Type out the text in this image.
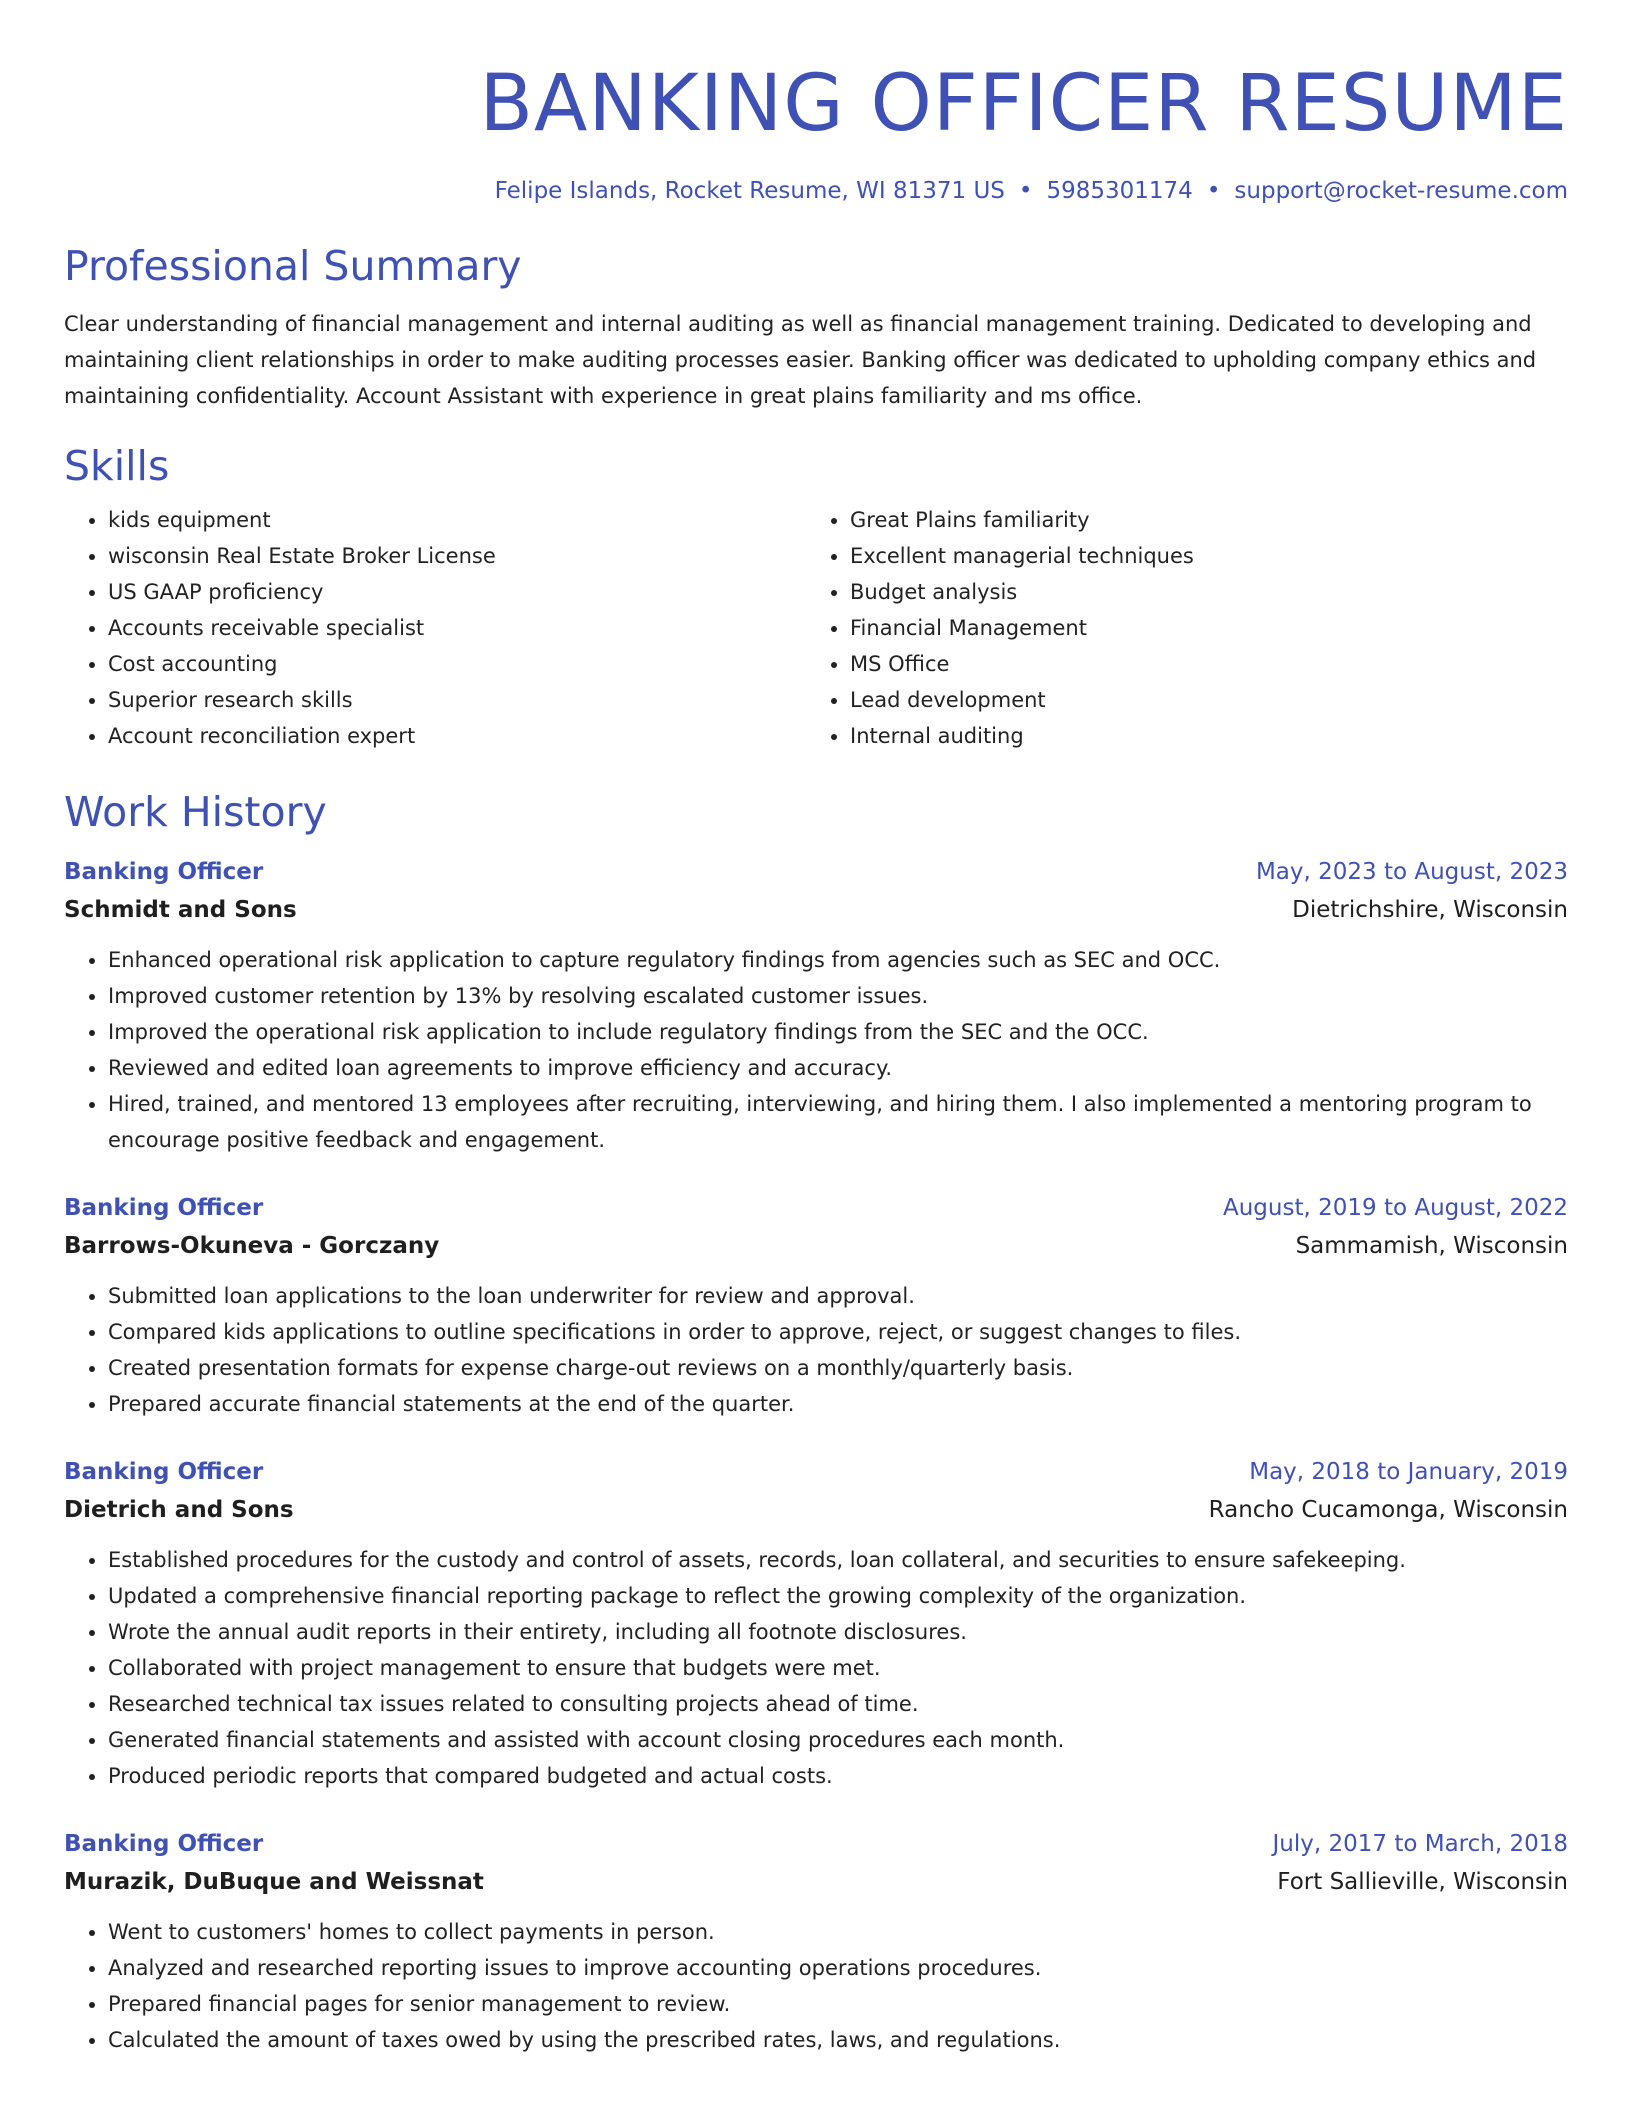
BANKING OFFICER RESUME
Felipe Islands, Rocket Resume, WI 81371 US • 5985301174 • support@rocket-resume.com
Professional Summary
Clear understanding of financial management and internal auditing as well as financial management training. Dedicated to developing and maintaining client relationships in order to make auditing processes easier. Banking officer was dedicated to upholding company ethics and maintaining confidentiality. Account Assistant with experience in great plains familiarity and ms office.
Skills
• kids equipment
• wisconsin Real Estate Broker License
• US GAAP proficiency
• Accounts receivable specialist
• Cost accounting
• Superior research skills
• Account reconciliation expert
• Great Plains familiarity
• Excellent managerial techniques
• Budget analysis
• Financial Management
• MS Office
• Lead development
• Internal auditing
Work History
Banking Officer	May, 2023 to August, 2023
Schmidt and Sons	Dietrichshire, Wisconsin
• Enhanced operational risk application to capture regulatory findings from agencies such as SEC and OCC.
• Improved customer retention by 13% by resolving escalated customer issues.
• Improved the operational risk application to include regulatory findings from the SEC and the OCC.
• Reviewed and edited loan agreements to improve efficiency and accuracy.
• Hired, trained, and mentored 13 employees after recruiting, interviewing, and hiring them. I also implemented a mentoring program to encourage positive feedback and engagement.
Banking Officer	August, 2019 to August, 2022
Barrows-Okuneva - Gorczany	Sammamish, Wisconsin
• Submitted loan applications to the loan underwriter for review and approval.
• Compared kids applications to outline specifications in order to approve, reject, or suggest changes to files.
• Created presentation formats for expense charge-out reviews on a monthly/quarterly basis.
• Prepared accurate financial statements at the end of the quarter.
Banking Officer	May, 2018 to January, 2019
Dietrich and Sons	Rancho Cucamonga, Wisconsin
• Established procedures for the custody and control of assets, records, loan collateral, and securities to ensure safekeeping.
• Updated a comprehensive financial reporting package to reflect the growing complexity of the organization.
• Wrote the annual audit reports in their entirety, including all footnote disclosures.
• Collaborated with project management to ensure that budgets were met.
• Researched technical tax issues related to consulting projects ahead of time.
• Generated financial statements and assisted with account closing procedures each month.
• Produced periodic reports that compared budgeted and actual costs.
Banking Officer	July, 2017 to March, 2018
Murazik, DuBuque and Weissnat	Fort Sallieville, Wisconsin
• Went to customers' homes to collect payments in person.
• Analyzed and researched reporting issues to improve accounting operations procedures.
• Prepared financial pages for senior management to review.
• Calculated the amount of taxes owed by using the prescribed rates, laws, and regulations.
